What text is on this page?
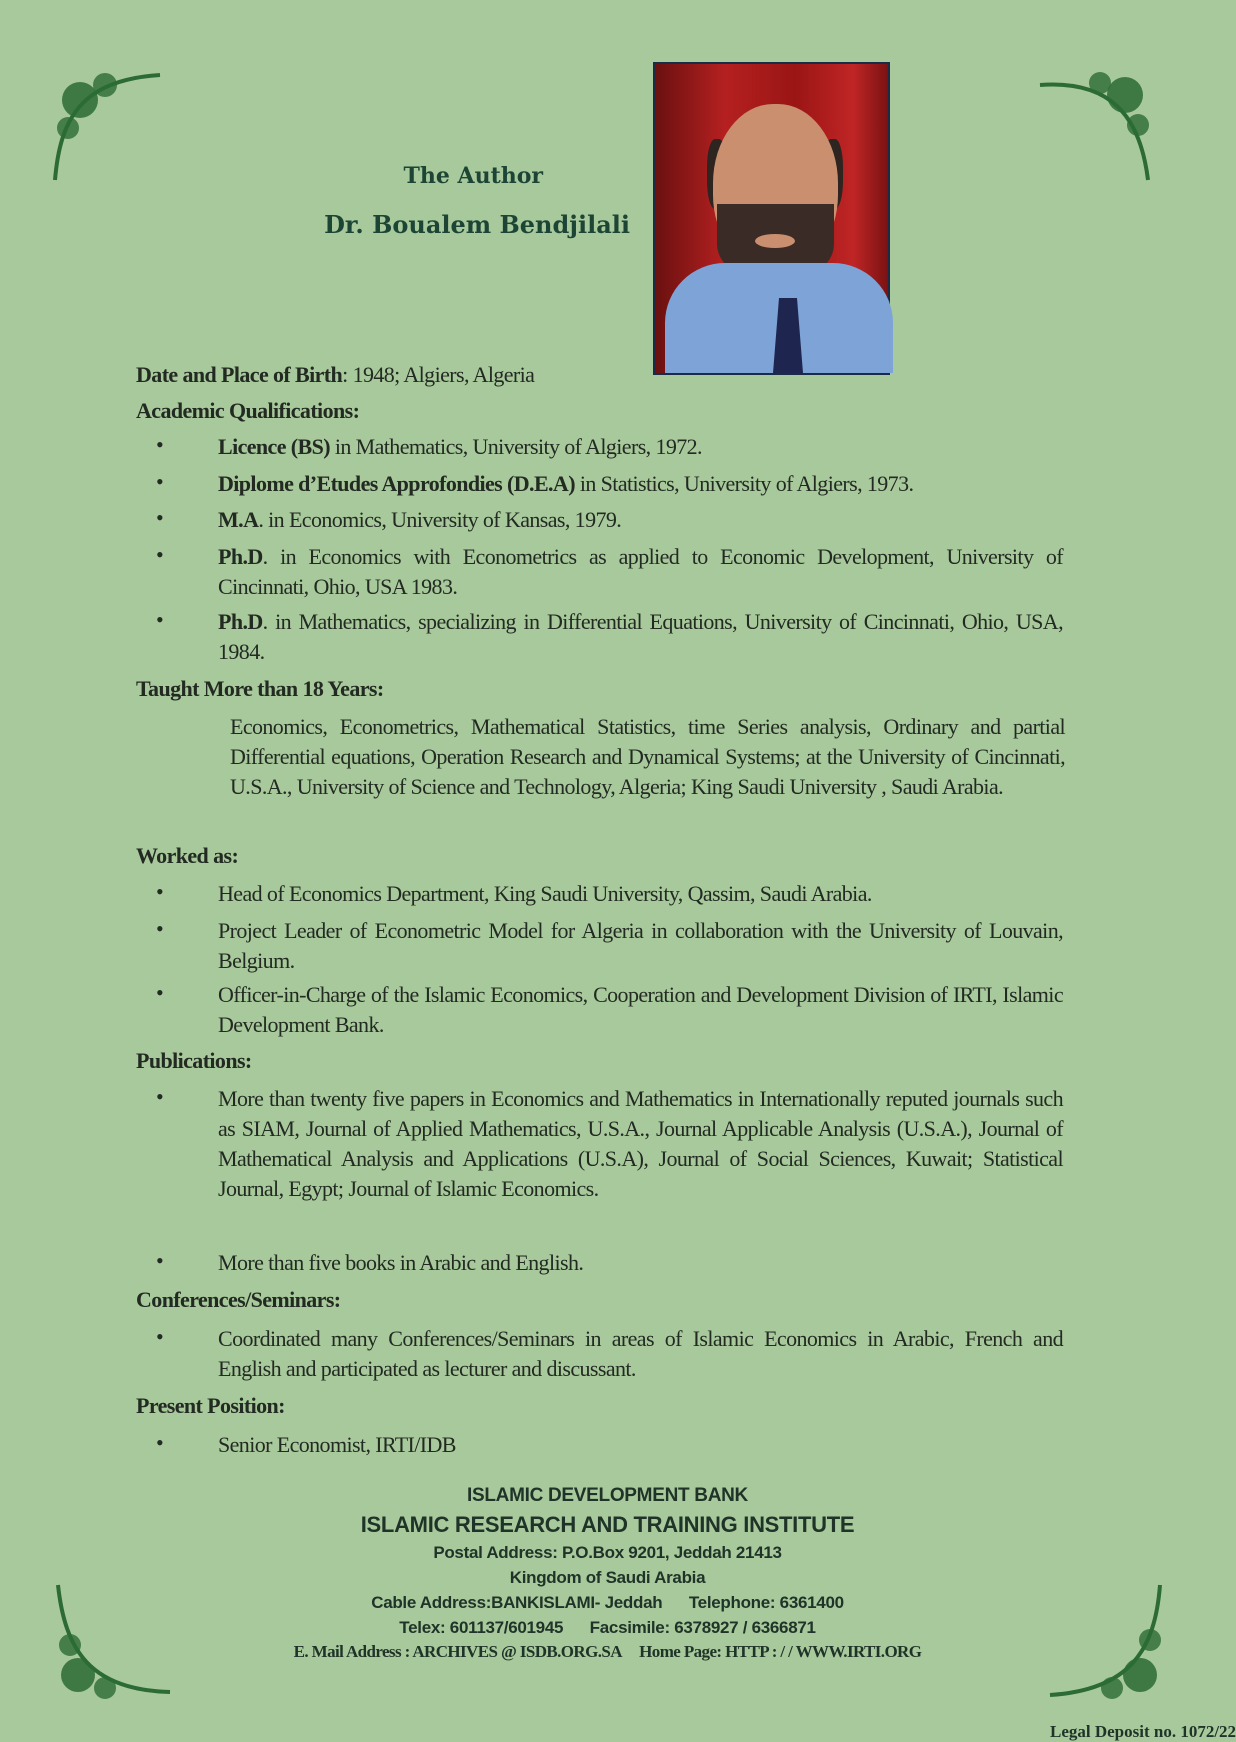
The Author
Dr. Boualem Bendjilali
Date and Place of Birth: 1948; Algiers, Algeria
Academic Qualifications:
• Licence (BS) in Mathematics, University of Algiers, 1972.
• Diplome d’Etudes Approfondies (D.E.A) in Statistics, University of Algiers, 1973.
• M.A. in Economics, University of Kansas, 1979.
• Ph.D. in Economics with Econometrics as applied to Economic Development, University of Cincinnati, Ohio, USA 1983.
• Ph.D. in Mathematics, specializing in Differential Equations, University of Cincinnati, Ohio, USA, 1984.
Taught More than 18 Years:
Economics, Econometrics, Mathematical Statistics, time Series analysis, Ordinary and partial Differential equations, Operation Research and Dynamical Systems; at the University of Cincinnati, U.S.A., University of Science and Technology, Algeria; King Saudi University , Saudi Arabia.
Worked as:
• Head of Economics Department, King Saudi University, Qassim, Saudi Arabia.
• Project Leader of Econometric Model for Algeria in collaboration with the University of Louvain, Belgium.
• Officer-in-Charge of the Islamic Economics, Cooperation and Development Division of IRTI, Islamic Development Bank.
Publications:
• More than twenty five papers in Economics and Mathematics in Internationally reputed journals such as SIAM, Journal of Applied Mathematics, U.S.A., Journal Applicable Analysis (U.S.A.), Journal of Mathematical Analysis and Applications (U.S.A), Journal of Social Sciences, Kuwait; Statistical Journal, Egypt; Journal of Islamic Economics.
• More than five books in Arabic and English.
Conferences/Seminars:
• Coordinated many Conferences/Seminars in areas of Islamic Economics in Arabic, French and English and participated as lecturer and discussant.
Present Position:
• Senior Economist, IRTI/IDB
ISLAMIC DEVELOPMENT BANK
ISLAMIC RESEARCH AND TRAINING INSTITUTE
Postal Address: P.O.Box 9201, Jeddah 21413
Kingdom of Saudi Arabia
Cable Address:BANKISLAMI- Jeddah      Telephone: 6361400
Telex: 601137/601945      Facsimile: 6378927 / 6366871
E. Mail Address : ARCHIVES @ ISDB.ORG.SA     Home Page: HTTP : / / WWW.IRTI.ORG
Legal Deposit no. 1072/22
